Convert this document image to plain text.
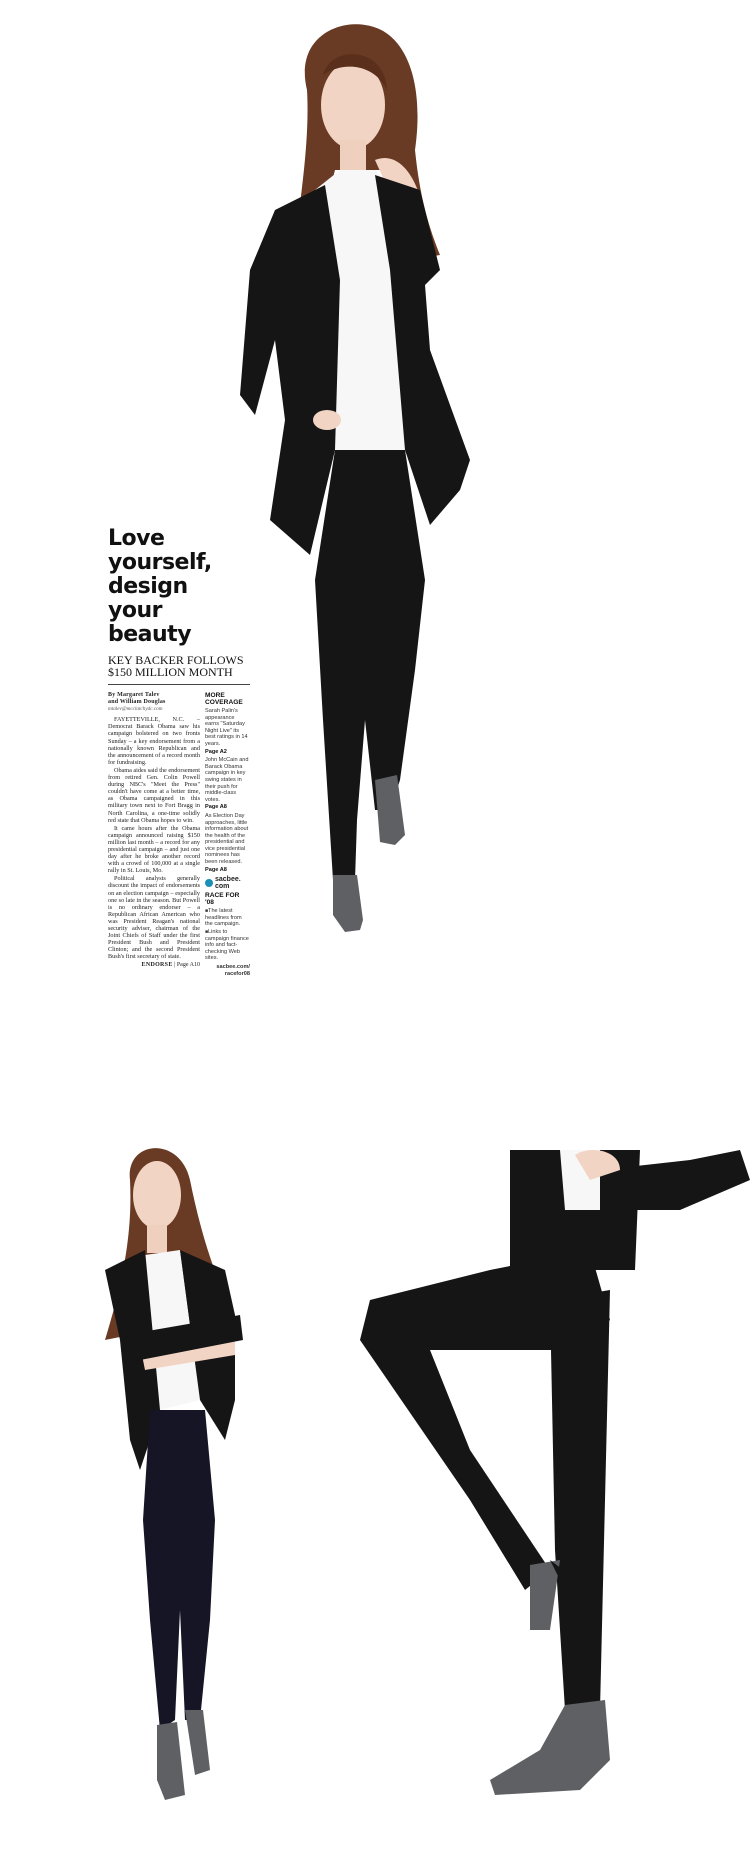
Love
yourself,
design
your beauty
KEY BACKER FOLLOWS
$150 MILLION MONTH
By Margaret Talev
and William Douglas
mtalev@mcclatchydc.com

FAYETTEVILLE, N.C. – Democrat Barack Obama saw his campaign bolstered on two fronts Sunday – a key endorsement from a nationally known Republican and the announcement of a record month for fundraising.

Obama aides said the endorsement from retired Gen. Colin Powell during NBC's "Meet the Press" couldn't have come at a better time, as Obama campaigned in this military town next to Fort Bragg in North Carolina, a one-time solidly red state that Obama hopes to win.

It came hours after the Obama campaign announced raising $150 million last month – a record for any presidential campaign – and just one day after he broke another record with a crowd of 100,000 at a single rally in St. Louis, Mo.

Political analysts generally discount the impact of endorsements on an election campaign – especially one so late in the season. But Powell is no ordinary endorser – a Republican African American who was President Reagan's national security adviser, chairman of the Joint Chiefs of Staff under the first President Bush and President Clinton; and the second President Bush's first secretary of state.

ENDORSE | Page A10
MORE
COVERAGE
Sarah Palin's appearance earns "Saturday Night Live" its best ratings in 14 years.
Page A2
John McCain and Barack Obama campaign in key swing states in their push for middle-class votes.
Page A8
As Election Day approaches, little information about the health of the presidential and vice presidential nominees has been released.
Page A8
sacbee.
com
RACE FOR '08
■ The latest headlines from the campaign.
■ Links to campaign finance info and fact-checking Web sites.
sacbee.com/
racefor08
